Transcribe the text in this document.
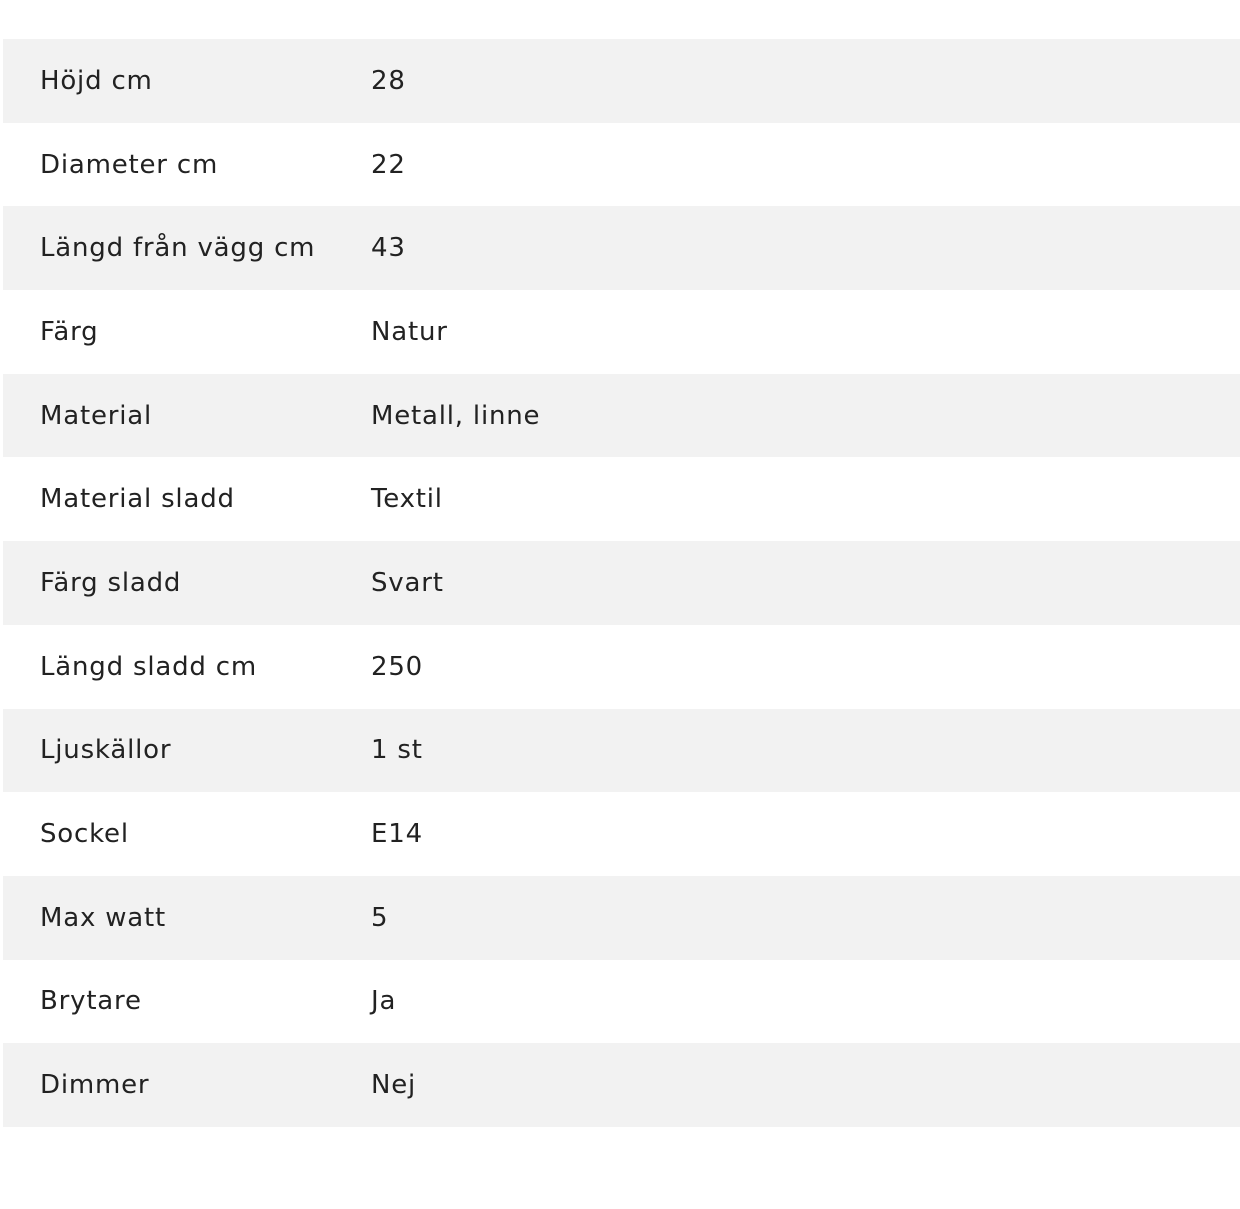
Höjd cm	28
Diameter cm	22
Längd från vägg cm	43
Färg	Natur
Material	Metall, linne
Material sladd	Textil
Färg sladd	Svart
Längd sladd cm	250
Ljuskällor	1 st
Sockel	E14
Max watt	5
Brytare	Ja
Dimmer	Nej
